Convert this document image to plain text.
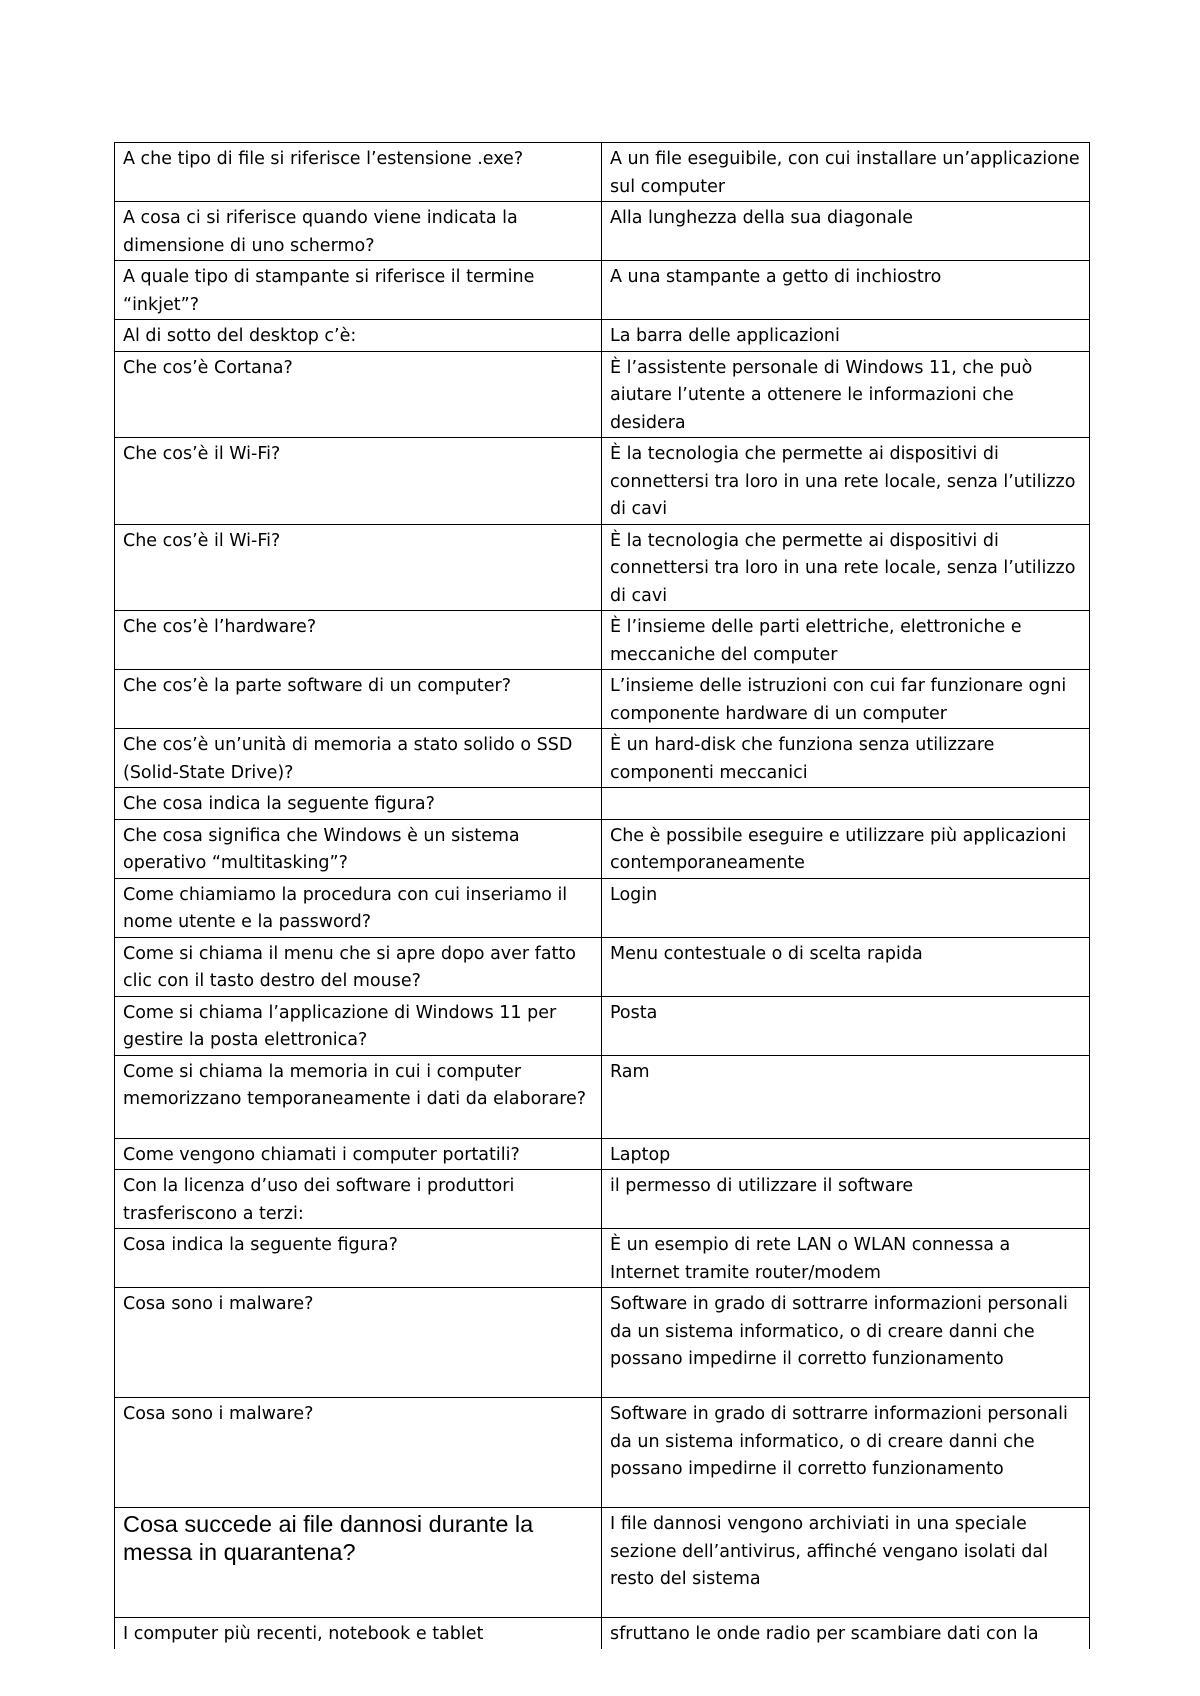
A che tipo di file si riferisce l’estensione .exe?	A un file eseguibile, con cui installare un’applicazione sul computer
A cosa ci si riferisce quando viene indicata la dimensione di uno schermo?	Alla lunghezza della sua diagonale
A quale tipo di stampante si riferisce il termine “inkjet”?	A una stampante a getto di inchiostro
Al di sotto del desktop c’è:	La barra delle applicazioni
Che cos’è Cortana?	È l’assistente personale di Windows 11, che può aiutare l’utente a ottenere le informazioni che desidera
Che cos’è il Wi-Fi?	È la tecnologia che permette ai dispositivi di connettersi tra loro in una rete locale, senza l’utilizzo di cavi
Che cos’è il Wi-Fi?	È la tecnologia che permette ai dispositivi di connettersi tra loro in una rete locale, senza l’utilizzo di cavi
Che cos’è l’hardware?	È l’insieme delle parti elettriche, elettroniche e meccaniche del computer
Che cos’è la parte software di un computer?	L’insieme delle istruzioni con cui far funzionare ogni componente hardware di un computer
Che cos’è un’unità di memoria a stato solido o SSD (Solid-State Drive)?	È un hard-disk che funziona senza utilizzare componenti meccanici
Che cosa indica la seguente figura?	
Che cosa significa che Windows è un sistema operativo “multitasking”?	Che è possibile eseguire e utilizzare più applicazioni contemporaneamente
Come chiamiamo la procedura con cui inseriamo il nome utente e la password?	Login
Come si chiama il menu che si apre dopo aver fatto clic con il tasto destro del mouse?	Menu contestuale o di scelta rapida
Come si chiama l’applicazione di Windows 11 per gestire la posta elettronica?	Posta
Come si chiama la memoria in cui i computer memorizzano temporaneamente i dati da elaborare?	Ram
Come vengono chiamati i computer portatili?	Laptop
Con la licenza d’uso dei software i produttori trasferiscono a terzi:	il permesso di utilizzare il software
Cosa indica la seguente figura?	È un esempio di rete LAN o WLAN connessa a Internet tramite router/modem
Cosa sono i malware?	Software in grado di sottrarre informazioni personali da un sistema informatico, o di creare danni che possano impedirne il corretto funzionamento
Cosa sono i malware?	Software in grado di sottrarre informazioni personali da un sistema informatico, o di creare danni che possano impedirne il corretto funzionamento
Cosa succede ai file dannosi durante la messa in quarantena?	I file dannosi vengono archiviati in una speciale sezione dell’antivirus, affinché vengano isolati dal resto del sistema
I computer più recenti, notebook e tablet	sfruttano le onde radio per scambiare dati con la
